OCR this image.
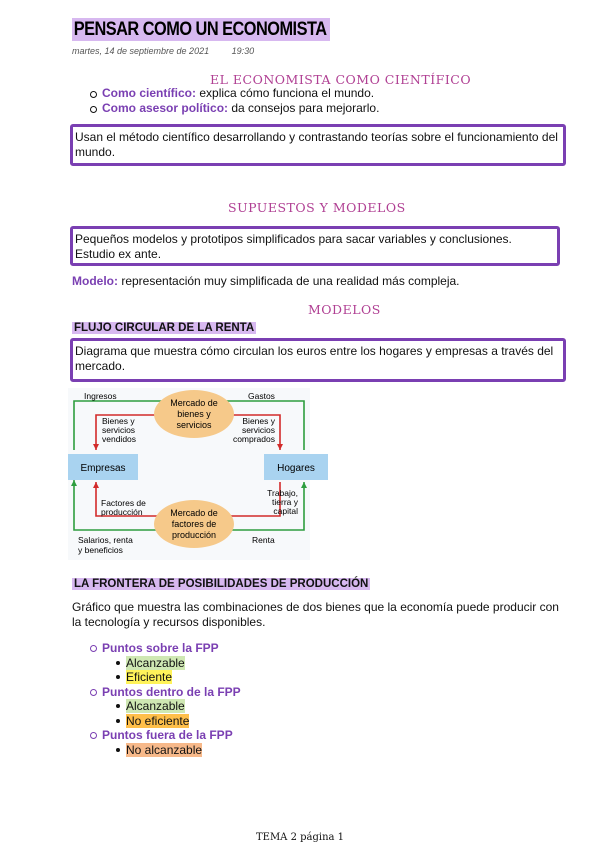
PENSAR COMO UN ECONOMISTA
martes, 14 de septiembre de 2021	19:30
EL ECONOMISTA COMO CIENTÍFICO
Como científico: explica cómo funciona el mundo.
Como asesor político: da consejos para mejorarlo.
Usan el método científico desarrollando y contrastando teorías sobre el funcionamiento del mundo.
SUPUESTOS Y MODELOS
Pequeños modelos y prototipos simplificados para sacar variables y conclusiones. Estudio ex ante.
Modelo: representación muy simplificada de una realidad más compleja.
MODELOS
FLUJO CIRCULAR DE LA RENTA
Diagrama que muestra cómo circulan los euros entre los hogares y empresas a través del mercado.
Mercado de
bienes y
servicios
Mercado de
factores de
producción
Empresas	Hogares
Ingresos	Gastos
Bienes y
servicios
vendidos
Bienes y
servicios
comprados
Factores de
producción
Trabajo,
tierra y
capital
Salarios, renta
y beneficios
Renta
LA FRONTERA DE POSIBILIDADES DE PRODUCCIÓN
Gráfico que muestra las combinaciones de dos bienes que la economía puede producir con la tecnología y recursos disponibles.
Puntos sobre la FPP
Alcanzable
Eficiente
Puntos dentro de la FPP
Alcanzable
No eficiente
Puntos fuera de la FPP
No alcanzable
TEMA 2 página 1
